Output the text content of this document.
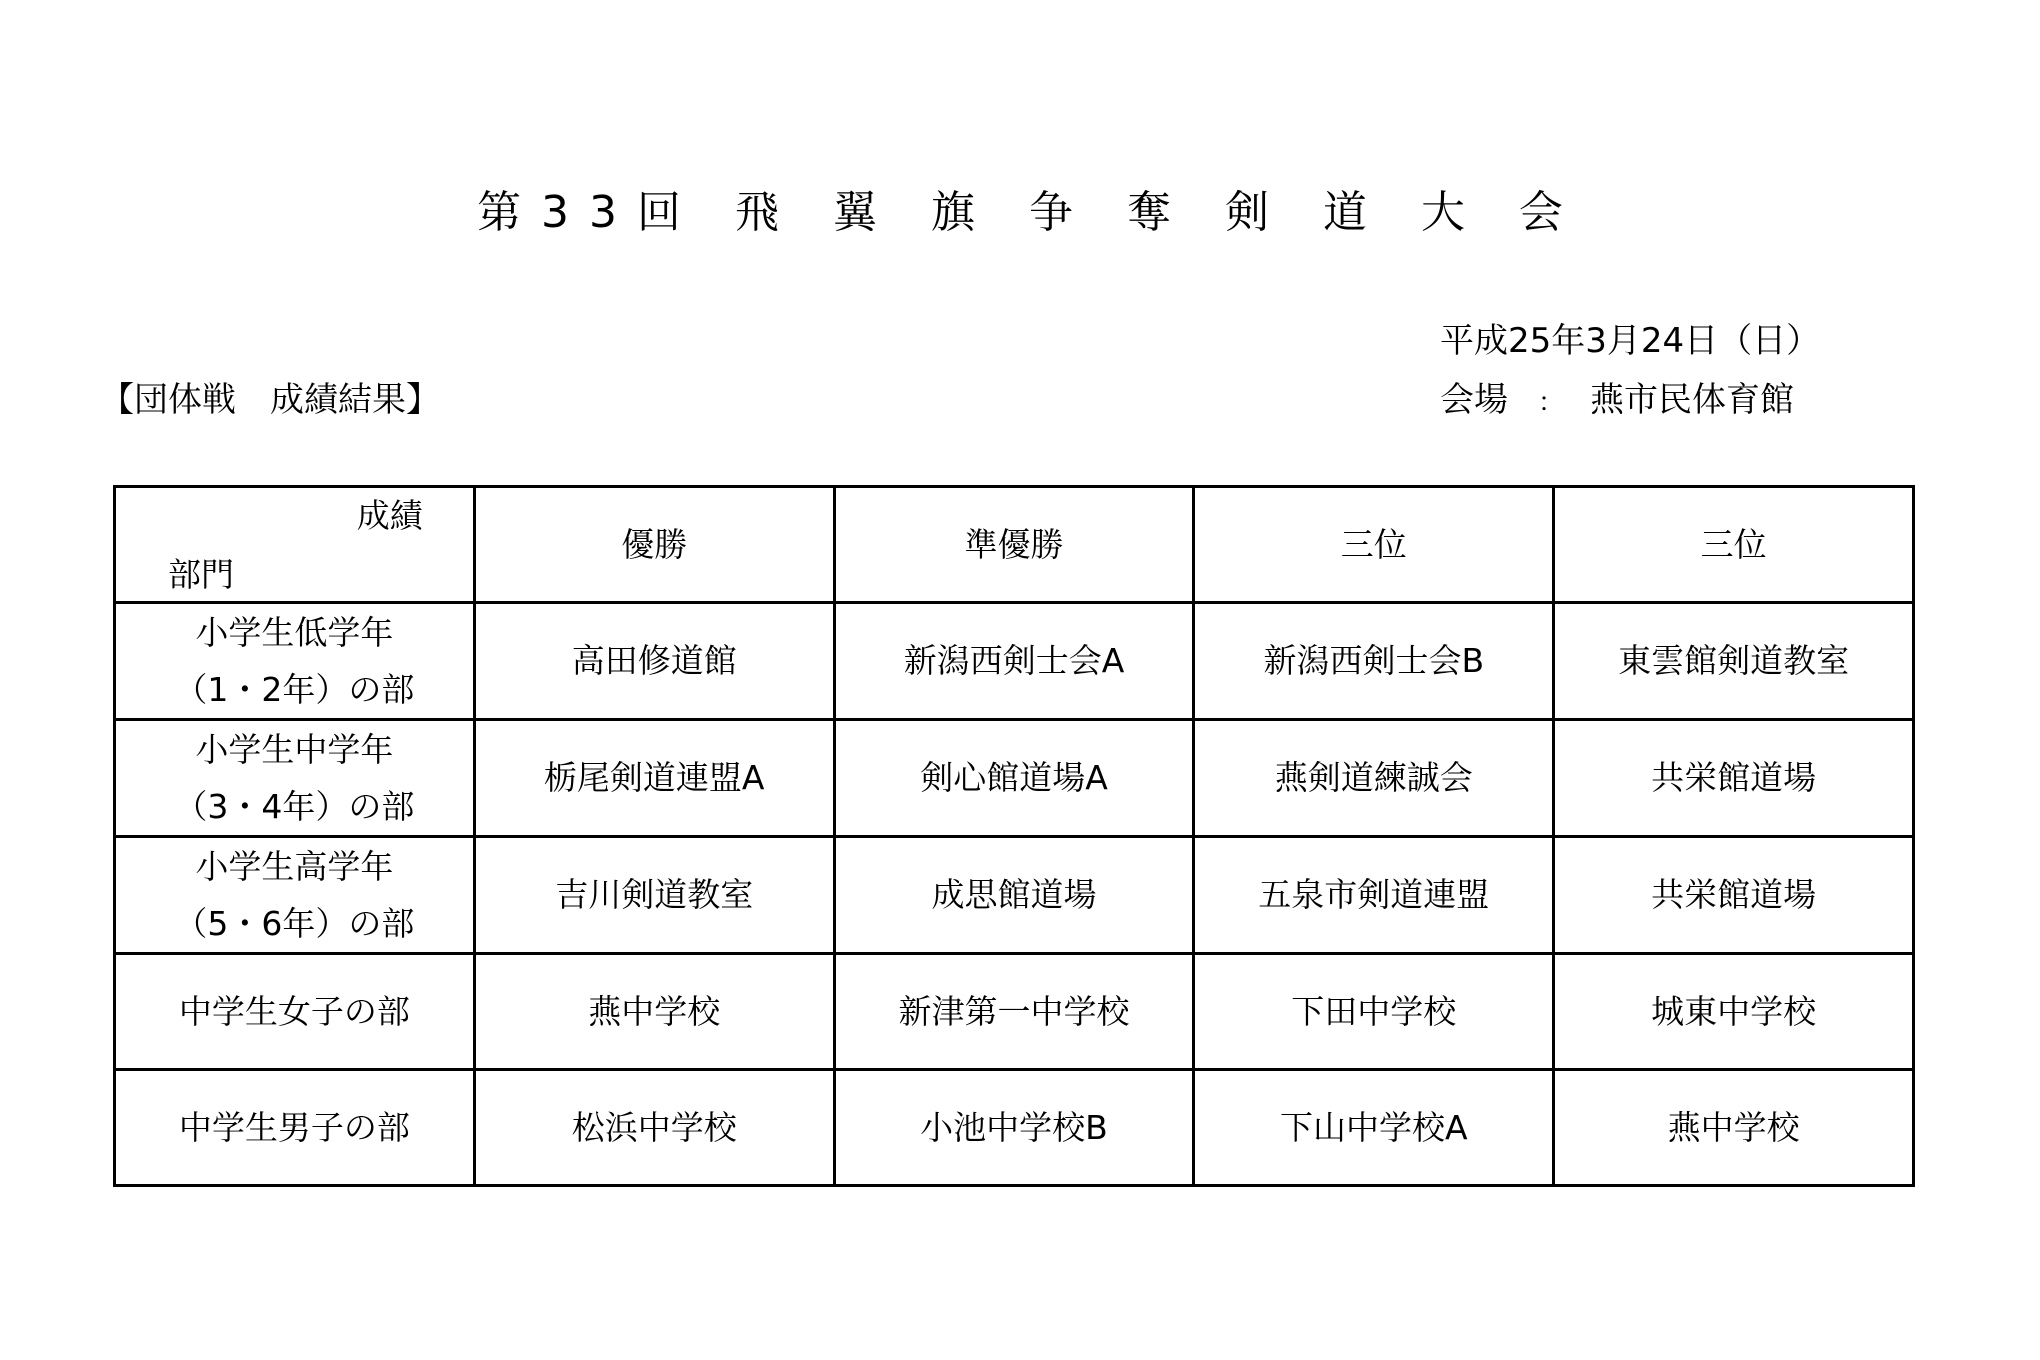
第33回 飛 翼 旗 争 奪 剣 道 大 会
平成25年3月24日（日）
【団体戦　成績結果】	会場 ： 燕市民体育館
成績
部門	優勝	準優勝	三位	三位

小学生低学年
（1・2年）の部	高田修道館	新潟西剣士会A	新潟西剣士会B	東雲館剣道教室

小学生中学年
（3・4年）の部	栃尾剣道連盟A	剣心館道場A	燕剣道練誠会	共栄館道場

小学生高学年
（5・6年）の部	吉川剣道教室	成思館道場	五泉市剣道連盟	共栄館道場
中学生女子の部	燕中学校	新津第一中学校	下田中学校	城東中学校
中学生男子の部	松浜中学校	小池中学校B	下山中学校A	燕中学校
